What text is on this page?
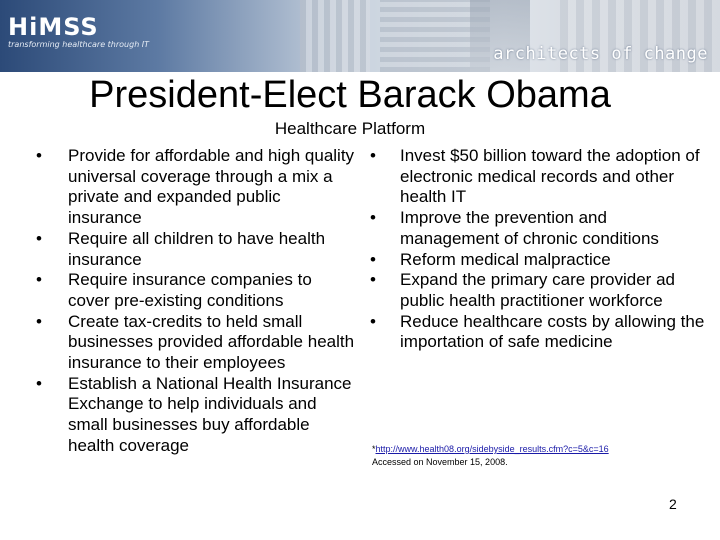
HiMSS
transforming healthcare through IT	architects of change
President-Elect Barack Obama
Healthcare Platform
•	Provide for affordable and high quality universal coverage through a mix a private and expanded public insurance
•	Require all children to have health insurance
•	Require insurance companies to cover pre-existing conditions
•	Create tax-credits to held small businesses provided affordable health insurance to their employees
•	Establish a National Health Insurance Exchange to help individuals and small businesses buy affordable health coverage
•	Invest $50 billion toward the adoption of electronic medical records and other health IT
•	Improve the prevention and management of chronic conditions
•	Reform medical malpractice
•	Expand the primary care provider ad public health practitioner workforce
•	Reduce healthcare costs by allowing the importation of safe medicine
*http://www.health08.org/sidebyside_results.cfm?c=5&c=16
Accessed on November 15, 2008.
2
